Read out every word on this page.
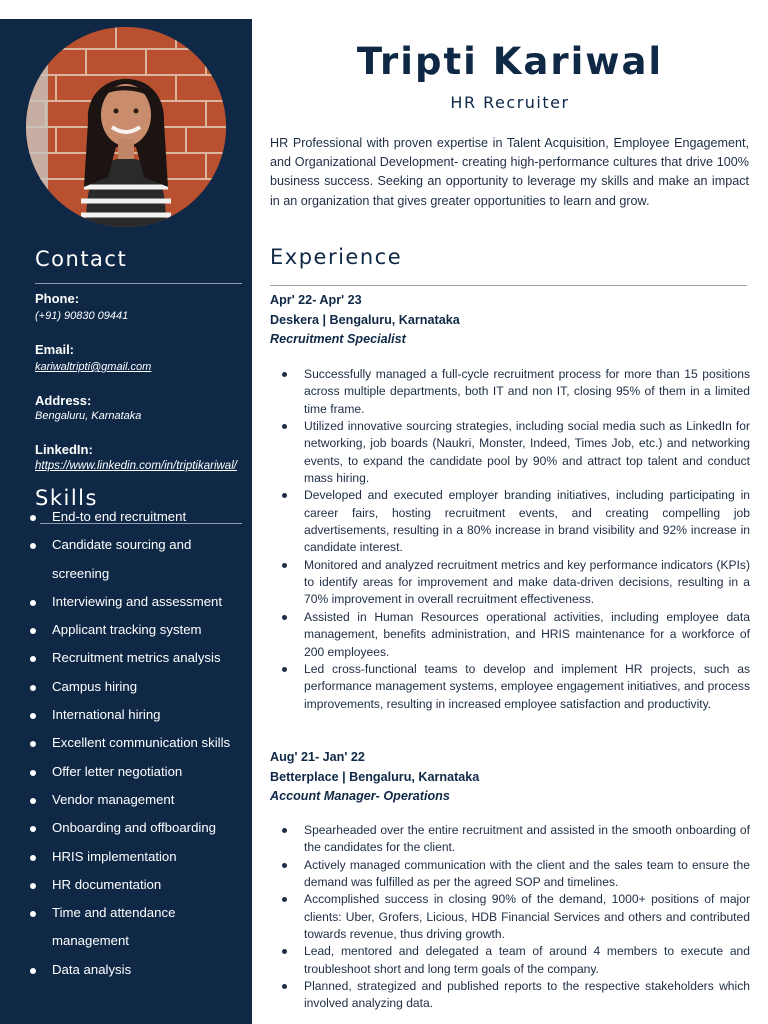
Contact
Phone:
(+91) 90830 09441
Email:
kariwaltripti@gmail.com
Address:
Bengaluru, Karnataka
LinkedIn:
https://www.linkedin.com/in/triptikariwal/
Skills
End-to end recruitment
Candidate sourcing and screening
Interviewing and assessment
Applicant tracking system
Recruitment metrics analysis
Campus hiring
International hiring
Excellent communication skills
Offer letter negotiation
Vendor management
Onboarding and offboarding
HRIS implementation
HR documentation
Time and attendance management
Data analysis
Tripti Kariwal
HR Recruiter

HR Professional with proven expertise in Talent Acquisition, Employee Engagement, and Organizational Development- creating high-performance cultures that drive 100% business success. Seeking an opportunity to leverage my skills and make an impact in an organization that gives greater opportunities to learn and grow.

Experience
Apr' 22- Apr' 23
Deskera | Bengaluru, Karnataka
Recruitment Specialist
Successfully managed a full-cycle recruitment process for more than 15 positions across multiple departments, both IT and non IT, closing 95% of them in a limited time frame.
Utilized innovative sourcing strategies, including social media such as LinkedIn for networking, job boards (Naukri, Monster, Indeed, Times Job, etc.) and networking events, to expand the candidate pool by 90% and attract top talent and conduct mass hiring.
Developed and executed employer branding initiatives, including participating in career fairs, hosting recruitment events, and creating compelling job advertisements, resulting in a 80% increase in brand visibility and 92% increase in candidate interest.
Monitored and analyzed recruitment metrics and key performance indicators (KPIs) to identify areas for improvement and make data-driven decisions, resulting in a 70% improvement in overall recruitment effectiveness.
Assisted in Human Resources operational activities, including employee data management, benefits administration, and HRIS maintenance for a workforce of 200 employees.
Led cross-functional teams to develop and implement HR projects, such as performance management systems, employee engagement initiatives, and process improvements, resulting in increased employee satisfaction and productivity.
Aug' 21- Jan' 22
Betterplace | Bengaluru, Karnataka
Account Manager- Operations
Spearheaded over the entire recruitment and assisted in the smooth onboarding of the candidates for the client.
Actively managed communication with the client and the sales team to ensure the demand was fulfilled as per the agreed SOP and timelines.
Accomplished success in closing 90% of the demand, 1000+ positions of major clients: Uber, Grofers, Licious, HDB Financial Services and others and contributed towards revenue, thus driving growth.
Lead, mentored and delegated a team of around 4 members to execute and troubleshoot short and long term goals of the company.
Planned, strategized and published reports to the respective stakeholders which involved analyzing data.
